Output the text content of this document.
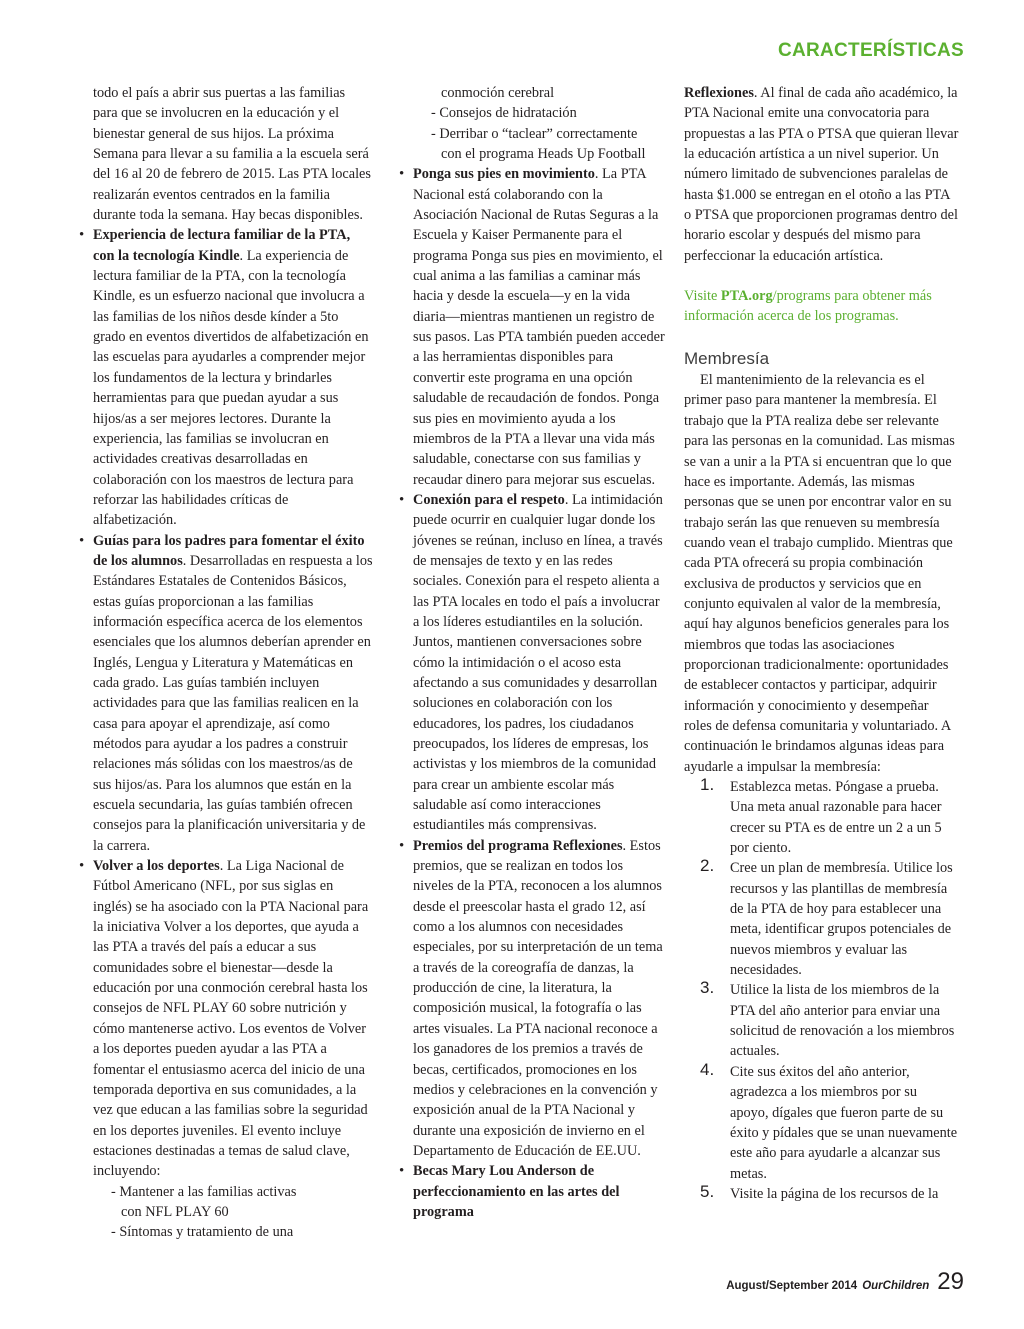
CARACTERÍSTICAS

todo el país a abrir sus puertas a las familias para que se involucren en la educación y el bienestar general de sus hijos. La próxima Semana para llevar a su familia a la escuela será del 16 al 20 de febrero de 2015. Las PTA locales realizarán eventos centrados en la familia durante toda la semana. Hay becas disponibles.

• Experiencia de lectura familiar de la PTA, con la tecnología Kindle. La experiencia de lectura familiar de la PTA, con la tecnología Kindle, es un esfuerzo nacional que involucra a las familias de los niños desde kínder a 5to grado en eventos divertidos de alfabetización en las escuelas para ayudarles a comprender mejor los fundamentos de la lectura y brindarles herramientas para que puedan ayudar a sus hijos/as a ser mejores lectores. Durante la experiencia, las familias se involucran en actividades creativas desarrolladas en colaboración con los maestros de lectura para reforzar las habilidades críticas de alfabetización.
• Guías para los padres para fomentar el éxito de los alumnos. Desarrolladas en respuesta a los Estándares Estatales de Contenidos Básicos, estas guías proporcionan a las familias información específica acerca de los elementos esenciales que los alumnos deberían aprender en Inglés, Lengua y Literatura y Matemáticas en cada grado. Las guías también incluyen actividades para que las familias realicen en la casa para apoyar el aprendizaje, así como métodos para ayudar a los padres a construir relaciones más sólidas con los maestros/as de sus hijos/as. Para los alumnos que están en la escuela secundaria, las guías también ofrecen consejos para la planificación universitaria y de la carrera.
• Volver a los deportes. La Liga Nacional de Fútbol Americano (NFL, por sus siglas en inglés) se ha asociado con la PTA Nacional para la iniciativa Volver a los deportes, que ayuda a las PTA a través del país a educar a sus comunidades sobre el bienestar—desde la educación por una conmoción cerebral hasta los consejos de NFL PLAY 60 sobre nutrición y cómo mantenerse activo. Los eventos de Volver a los deportes pueden ayudar a las PTA a fomentar el entusiasmo acerca del inicio de una temporada deportiva en sus comunidades, a la vez que educan a las familias sobre la seguridad en los deportes juveniles. El evento incluye estaciones destinadas a temas de salud clave, incluyendo:
- Mantener a las familias activas
con NFL PLAY 60
- Síntomas y tratamiento de una
conmoción cerebral
- Consejos de hidratación
- Derribar o “taclear” correctamente
con el programa Heads Up Football
• Ponga sus pies en movimiento. La PTA Nacional está colaborando con la Asociación Nacional de Rutas Seguras a la Escuela y Kaiser Permanente para el programa Ponga sus pies en movimiento, el cual anima a las familias a caminar más hacia y desde la escuela—y en la vida diaria—mientras mantienen un registro de sus pasos. Las PTA también pueden acceder a las herramientas disponibles para convertir este programa en una opción saludable de recaudación de fondos. Ponga sus pies en movimiento ayuda a los miembros de la PTA a llevar una vida más saludable, conectarse con sus familias y recaudar dinero para mejorar sus escuelas.
• Conexión para el respeto. La intimidación puede ocurrir en cualquier lugar donde los jóvenes se reúnan, incluso en línea, a través de mensajes de texto y en las redes sociales. Conexión para el respeto alienta a las PTA locales en todo el país a involucrar a los líderes estudiantiles en la solución. Juntos, mantienen conversaciones sobre cómo la intimidación o el acoso esta afectando a sus comunidades y desarrollan soluciones en colaboración con los educadores, los padres, los ciudadanos preocupados, los líderes de empresas, los activistas y los miembros de la comunidad para crear un ambiente escolar más saludable así como interacciones estudiantiles más comprensivas.
• Premios del programa Reflexiones. Estos premios, que se realizan en todos los niveles de la PTA, reconocen a los alumnos desde el preescolar hasta el grado 12, así como a los alumnos con necesidades especiales, por su interpretación de un tema a través de la coreografía de danzas, la producción de cine, la literatura, la composición musical, la fotografía o las artes visuales. La PTA nacional reconoce a los ganadores de los premios a través de becas, certificados, promociones en los medios y celebraciones en la convención y exposición anual de la PTA Nacional y durante una exposición de invierno en el Departamento de Educación de EE.UU.
• Becas Mary Lou Anderson de perfeccionamiento en las artes del programa

Reflexiones. Al final de cada año académico, la PTA Nacional emite una convocatoria para propuestas a las PTA o PTSA que quieran llevar la educación artística a un nivel superior. Un número limitado de subvenciones paralelas de hasta $1.000 se entregan en el otoño a las PTA o PTSA que proporcionen programas dentro del horario escolar y después del mismo para perfeccionar la educación artística.

Visite PTA.org/programs para obtener más información acerca de los programas.

Membresía

El mantenimiento de la relevancia es el primer paso para mantener la membresía. El trabajo que la PTA realiza debe ser relevante para las personas en la comunidad. Las mismas se van a unir a la PTA si encuentran que lo que hace es importante. Además, las mismas personas que se unen por encontrar valor en su trabajo serán las que renueven su membresía cuando vean el trabajo cumplido. Mientras que cada PTA ofrecerá su propia combinación exclusiva de productos y servicios que en conjunto equivalen al valor de la membresía, aquí hay algunos beneficios generales para los miembros que todas las asociaciones proporcionan tradicionalmente: oportunidades de establecer contactos y participar, adquirir información y conocimiento y desempeñar roles de defensa comunitaria y voluntariado. A continuación le brindamos algunas ideas para ayudarle a impulsar la membresía:

1. Establezca metas. Póngase a prueba. Una meta anual razonable para hacer crecer su PTA es de entre un 2 a un 5 por ciento.
2. Cree un plan de membresía. Utilice los recursos y las plantillas de membresía de la PTA de hoy para establecer una meta, identificar grupos potenciales de nuevos miembros y evaluar las necesidades.
3. Utilice la lista de los miembros de la PTA del año anterior para enviar una solicitud de renovación a los miembros actuales.
4. Cite sus éxitos del año anterior, agradezca a los miembros por su apoyo, dígales que fueron parte de su éxito y pídales que se unan nuevamente este año para ayudarle a alcanzar sus metas.
5. Visite la página de los recursos de la
August/September 2014 OurChildren 29
